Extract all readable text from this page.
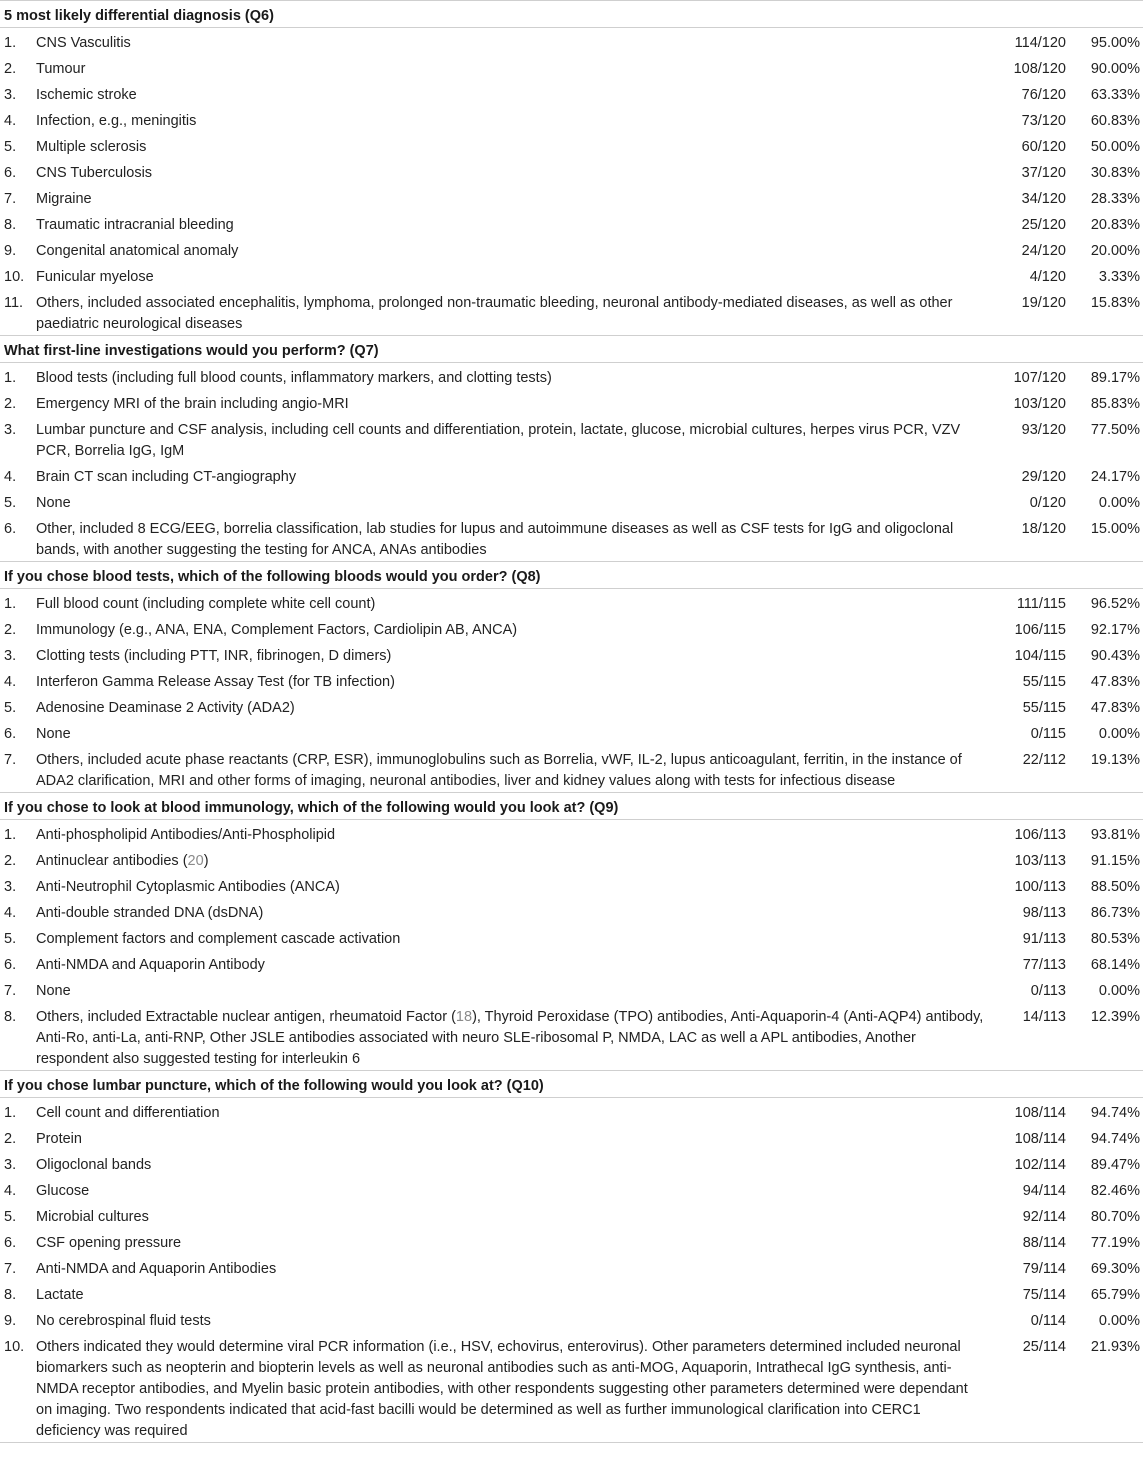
5 most likely differential diagnosis (Q6)			
1.	CNS Vasculitis	114/120	95.00%
2.	Tumour	108/120	90.00%
3.	Ischemic stroke	76/120	63.33%
4.	Infection, e.g., meningitis	73/120	60.83%
5.	Multiple sclerosis	60/120	50.00%
6.	CNS Tuberculosis	37/120	30.83%
7.	Migraine	34/120	28.33%
8.	Traumatic intracranial bleeding	25/120	20.83%
9.	Congenital anatomical anomaly	24/120	20.00%
10.	Funicular myelose	4/120	3.33%
11.	Others, included associated encephalitis, lymphoma, prolonged non-traumatic bleeding, neuronal antibody-mediated diseases, as well as other paediatric neurological diseases	19/120	15.83%
What first-line investigations would you perform? (Q7)			
1.	Blood tests (including full blood counts, inflammatory markers, and clotting tests)	107/120	89.17%
2.	Emergency MRI of the brain including angio-MRI	103/120	85.83%
3.	Lumbar puncture and CSF analysis, including cell counts and differentiation, protein, lactate, glucose, microbial cultures, herpes virus PCR, VZV PCR, Borrelia IgG, IgM	93/120	77.50%
4.	Brain CT scan including CT-angiography	29/120	24.17%
5.	None	0/120	0.00%
6.	Other, included 8 ECG/EEG, borrelia classification, lab studies for lupus and autoimmune diseases as well as CSF tests for IgG and oligoclonal bands, with another suggesting the testing for ANCA, ANAs antibodies	18/120	15.00%
If you chose blood tests, which of the following bloods would you order? (Q8)			
1.	Full blood count (including complete white cell count)	111/115	96.52%
2.	Immunology (e.g., ANA, ENA, Complement Factors, Cardiolipin AB, ANCA)	106/115	92.17%
3.	Clotting tests (including PTT, INR, fibrinogen, D dimers)	104/115	90.43%
4.	Interferon Gamma Release Assay Test (for TB infection)	55/115	47.83%
5.	Adenosine Deaminase 2 Activity (ADA2)	55/115	47.83%
6.	None	0/115	0.00%
7.	Others, included acute phase reactants (CRP, ESR), immunoglobulins such as Borrelia, vWF, IL-2, lupus anticoagulant, ferritin, in the instance of ADA2 clarification, MRI and other forms of imaging, neuronal antibodies, liver and kidney values along with tests for infectious disease	22/112	19.13%
If you chose to look at blood immunology, which of the following would you look at? (Q9)			
1.	Anti-phospholipid Antibodies/Anti-Phospholipid	106/113	93.81%
2.	Antinuclear antibodies (20)	103/113	91.15%
3.	Anti-Neutrophil Cytoplasmic Antibodies (ANCA)	100/113	88.50%
4.	Anti-double stranded DNA (dsDNA)	98/113	86.73%
5.	Complement factors and complement cascade activation	91/113	80.53%
6.	Anti-NMDA and Aquaporin Antibody	77/113	68.14%
7.	None	0/113	0.00%
8.	Others, included Extractable nuclear antigen, rheumatoid Factor (18), Thyroid Peroxidase (TPO) antibodies, Anti-Aquaporin-4 (Anti-AQP4) antibody, Anti-Ro, anti-La, anti-RNP, Other JSLE antibodies associated with neuro SLE-ribosomal P, NMDA, LAC as well a APL antibodies, Another respondent also suggested testing for interleukin 6	14/113	12.39%
If you chose lumbar puncture, which of the following would you look at? (Q10)			
1.	Cell count and differentiation	108/114	94.74%
2.	Protein	108/114	94.74%
3.	Oligoclonal bands	102/114	89.47%
4.	Glucose	94/114	82.46%
5.	Microbial cultures	92/114	80.70%
6.	CSF opening pressure	88/114	77.19%
7.	Anti-NMDA and Aquaporin Antibodies	79/114	69.30%
8.	Lactate	75/114	65.79%
9.	No cerebrospinal fluid tests	0/114	0.00%
10.	Others indicated they would determine viral PCR information (i.e., HSV, echovirus, enterovirus). Other parameters determined included neuronal biomarkers such as neopterin and biopterin levels as well as neuronal antibodies such as anti-MOG, Aquaporin, Intrathecal IgG synthesis, anti-NMDA receptor antibodies, and Myelin basic protein antibodies, with other respondents suggesting other parameters determined were dependant on imaging. Two respondents indicated that acid-fast bacilli would be determined as well as further immunological clarification into CERC1 deficiency was required	25/114	21.93%
